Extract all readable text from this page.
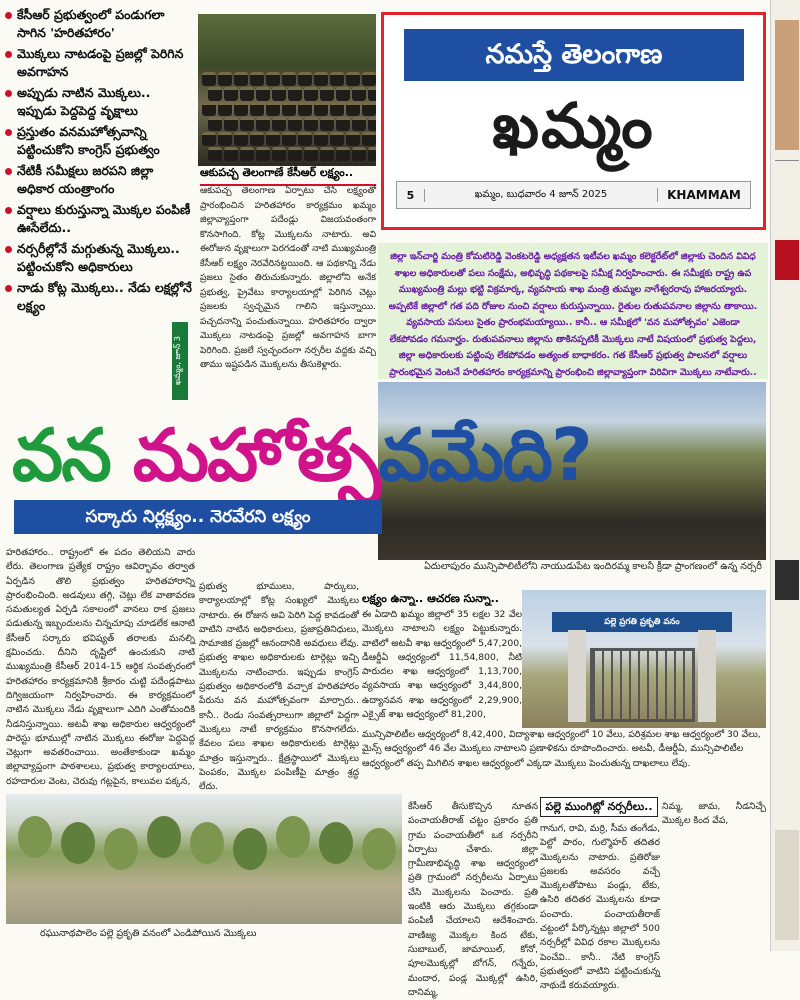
కేసీఆర్ ప్రభుత్వంలో పండుగలా సాగిన 'హరితహారం'
మొక్కలు నాటడంపై ప్రజల్లో పెరిగిన అవగాహన
అప్పుడు నాటిన మొక్కలు.. ఇప్పుడు పెద్దపెద్ద వృక్షాలు
ప్రస్తుతం వనమహోత్సవాన్ని పట్టించుకోని కాంగ్రెస్ ప్రభుత్వం
నేటికీ సమీక్షలు జరపని జిల్లా అధికార యంత్రాంగం
వర్షాలు కురుస్తున్నా మొక్కల పంపిణీ ఊసేలేదు..
నర్సరీల్లోనే మగ్గుతున్న మొక్కలు.. పట్టించుకోని అధికారులు
నాడు కోట్ల మొక్కలు.. నేడు లక్షల్లోనే లక్ష్యం
ఖమ్మం, జూన్ 3
ఆకుపచ్చ తెలంగాణే కేసీఆర్ లక్ష్యం..
ఆకుపచ్చ తెలంగాణ ఏర్పాటు చేసే లక్ష్యంతో ప్రారంభించిన హరితహారం కార్యక్రమం ఖమ్మం జిల్లావ్యాప్తంగా పదేండ్లు విజయవంతంగా కొనసాగింది. కోట్ల మొక్కలను నాటారు. అవి ఈరోజున వృక్షాలుగా పెరగడంతో నాటి ముఖ్యమంత్రి కేసీఆర్ లక్ష్యం నెరవేరినట్టయింది. ఆ పథకాన్ని నేడు ప్రజలు సైతం తిరుచుకున్నారు. జిల్లాలోని అనేక ప్రభుత్వ, ప్రైవేటు కార్యాలయాల్లో పెరిగిన చెట్లు ప్రజలకు స్వచ్ఛమైన గాలిని ఇస్తున్నాయి. పచ్చదనాన్ని పంచుతున్నాయి. హరితహారం ద్వారా మొక్కలు నాటడంపై ప్రజల్లో అవగాహన బాగా పెరిగింది. ప్రజలే స్వచ్ఛందంగా నర్సరీల వద్దకు వచ్చి తాము ఇష్టపడిన మొక్కలను తీసుకెళ్లారు.
నమస్తే తెలంగాణ
ఖమ్మం
5	ఖమ్మం, బుధవారం 4 జూన్ 2025	KHAMMAM
జిల్లా ఇన్‌చార్జి మంత్రి కోమటిరెడ్డి వెంకటరెడ్డి అధ్యక్షతన ఇటీవల ఖమ్మం కలెక్టరేట్‌లో జిల్లాకు చెందిన వివిధ శాఖల అధికారులతో పలు సంక్షేమ, అభివృద్ధి పథకాలపై సమీక్ష నిర్వహించారు. ఈ సమీక్షకు రాష్ట్ర ఉప ముఖ్యమంత్రి మల్లు భట్టి విక్రమార్క, వ్యవసాయ శాఖ మంత్రి తుమ్మల నాగేశ్వరరావు హాజరయ్యారు. అప్పటికే జిల్లాలో గత పది రోజుల నుంచి వర్షాలు కురుస్తున్నాయి. రైతుల రుతుపవనాల జిల్లాను తాకాయి. వ్యవసాయ పనులు సైతం ప్రారంభమయ్యాయి.. కానీ.. ఆ సమీక్షలో 'వన మహోత్సవం' ఎజెండా లేకపోవడం గమనార్హం. రుతుపవనాలు జిల్లాను తాకినప్పటికీ మొక్కలు నాటే విషయంలో ప్రభుత్వ పెద్దలు, జిల్లా అధికారులకు పట్టింపు లేకపోవడం అత్యంత బాధాకరం. గత కేసీఆర్ ప్రభుత్వ పాలనలో వర్షాలు ప్రారంభమైన వెంటనే హరితహారం కార్యక్రమాన్ని ప్రారంభించి జిల్లావ్యాప్తంగా విరివిగా మొక్కలు నాటేవారు..
ఏదులాపురం మున్సిపాలిటీలోని నాయుడుపేట ఇందిరమ్మ కాలనీ క్రీడా ప్రాంగణంలో ఉన్న నర్సరీ
వన మహోత్సవమేది?
సర్కారు నిర్లక్ష్యం.. నెరవేరని లక్ష్యం
హరితహారం.. రాష్ట్రంలో ఈ పదం తెలియని వారు లేరు. తెలంగాణ ప్రత్యేక రాష్ట్రం ఆవిర్భావం తర్వాత ఏర్పడిన తొలి ప్రభుత్వం హరితహారాన్ని ప్రారంభించింది. అడవులు తగ్గి, చెట్లు లేక వాతావరణ సమతుల్యత ఏర్పడి సకాలంలో వానలు రాక ప్రజలు పడుతున్న ఇబ్బందులను చిన్నచూపు చూడలేక ఆనాటి కేసీఆర్ సర్కారు భవిష్యత్ తరాలకు మనల్ని క్షమించదు. దీనిని దృష్టిలో ఉంచుకుని నాటి ముఖ్యమంత్రి కేసీఆర్ 2014-15 ఆర్థిక సంవత్సరంలో హరితహారం కార్యక్రమానికి శ్రీకారం చుట్టి పదేండ్లపాటు దిగ్విజయంగా నిర్వహించారు. ఈ కార్యక్రమంలో నాటిన మొక్కలు నేడు వృక్షాలుగా ఎదిగి ఎంతోమందికి నీడనిస్తున్నాయి. అటవీ శాఖ అధికారుల ఆధ్వర్యంలో పారెస్టు భూముల్లో నాటిన మొక్కలు ఈరోజు పెద్దపెద్ద చెట్లుగా అవతరించాయి. అంతేకాకుండా ఖమ్మం జిల్లావ్యాప్తంగా పాఠశాలలు, ప్రభుత్వ కార్యాలయాలు, రహదారుల వెంట, చెరువు గట్లపైన, కాలువల పక్కన,
ప్రభుత్వ భూములు, పార్కులు, కార్యాలయాల్లో కోట్ల సంఖ్యలో మొక్కలు నాటారు. ఈ రోజున అవి పెరిగి పెద్ద కావడంతో వాటిని నాటిన అధికారులు, ప్రజాప్రతినిధులు, సామాజిక ప్రజల్లో ఆనందానికి అవధులు లేవు. ప్రభుత్వ శాఖల అధికారులకు టార్గెట్లు ఇచ్చి మొక్కలను నాటించారు. ఇప్పుడు కాంగ్రెస్ ప్రభుత్వం అధికారంలోకి వచ్చాక హరితహారం పేరును వన మహోత్సవంగా మార్చారు.. కానీ.. రెండు సంవత్సరాలుగా జిల్లాలో పెద్దగా మొక్కలు నాటే కార్యక్రమం కొనసాగలేదు. కేవలం పలు శాఖల అధికారులకు టార్గెట్లు మాత్రం ఇస్తున్నారు.. క్షేత్రస్థాయిలో మొక్కలు పెంపకం, మొక్కల పంపిణీపై మాత్రం శ్రద్ధ లేదు.
లక్ష్యం ఉన్నా.. ఆచరణ సున్నా..
ఈ ఏడాది ఖమ్మం జిల్లాలో 35 లక్షల 32 వేల మొక్కలు నాటాలని లక్ష్యం పెట్టుకున్నారు. వాటిలో అటవీ శాఖ ఆధ్వర్యంలో 5,47,200, డీఆర్డీఏ ఆధ్వర్యంలో 11,54,800, నీటి పారుదల శాఖ ఆధ్వర్యంలో 1,13,700, వ్యవసాయ శాఖ ఆధ్వర్యంలో 3,44,800, ఉద్యానవన శాఖ ఆధ్వర్యంలో 2,29,900, ఎక్సైజ్ శాఖ ఆధ్వర్యంలో 81,200,
పల్లె ప్రగతి ప్రకృతి వనం
మున్సిపాలిటీల ఆధ్వర్యంలో 8,42,400, విద్యాశాఖ ఆధ్వర్యంలో 10 వేలు, పరిశ్రమల శాఖ ఆధ్వర్యంలో 30 వేలు, మైన్స్ ఆధ్వర్యంలో 46 వేల మొక్కలు నాటాలని ప్రణాళికను రూపొందించారు. అటవీ, డీఆర్డీఏ, మున్సిపాలిటీల ఆధ్వర్యంలో తప్ప మిగిలిన శాఖల ఆధ్వర్యంలో ఎక్కడా మొక్కలు పెంచుతున్న దాఖలాలు లేవు.
రఘునాథపాలెం పల్లె ప్రకృతి వనంలో ఎండిపోయిన మొక్కలు
కేసీఆర్ తీసుకొచ్చిన నూతన పంచాయతీరాజ్ చట్టం ప్రకారం ప్రతి గ్రామ పంచాయతీలో ఒక నర్సరీని ఏర్పాటు చేశారు. జిల్లా గ్రామీణాభివృద్ధి శాఖ ఆధ్వర్యంలో ప్రతి గ్రామంలో నర్సరీలను ఏర్పాటు చేసి మొక్కలను పెంచారు. ప్రతి ఇంటికి ఆరు మొక్కలు తగ్గకుండా పంపిణీ చేయాలని ఆదేశించారు. వాణిజ్య మొక్కల కింద టేకు, సుబాబుల్, జామాయిల్, కోనో, పూలమొక్కల్లో బోగన్, గన్నేరు, మందార, పండ్ల మొక్కల్లో ఉసిరి, దానిమ్మ,
పల్లె ముంగిట్లో నర్సరీలు..
గానుగ, రావి, మర్రి, సీమ తంగేడు, పెల్టో పారం, గుల్మొహర్ తదితర మొక్కలను నాటారు. ప్రతిరోజు ప్రజలకు అవసరం వచ్చే మొక్కలతోపాటు పండ్లు, టేకు, ఉసిరి తదితర మొక్కలను కూడా పంచారు. పంచాయతీరాజ్ చట్టంలో పేర్కొన్నట్లు జిల్లాలో 500 నర్సరీల్లో వివిధ రకాల మొక్కలను పెంచేవి.. కానీ.. నేటి కాంగ్రెస్ ప్రభుత్వంలో వాటిని పట్టించుకున్న నాథుడే కరువయ్యారు.
నిమ్మ, జామ, నీడనిచ్చే మొక్కల కింద వేప,
